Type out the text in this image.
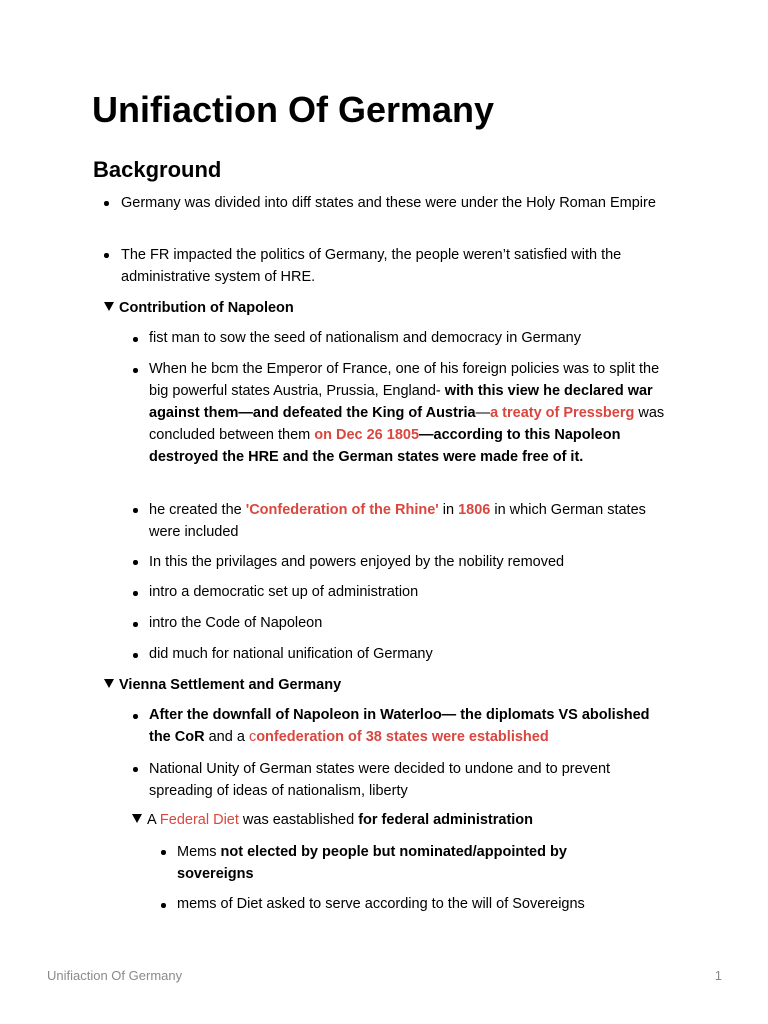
Unifiaction Of Germany
Background
Germany was divided into diff states and these were under the Holy Roman Empire
The FR impacted the politics of Germany, the people weren’t satisfied with the administrative system of HRE.
Contribution of Napoleon
fist man to sow the seed of nationalism and democracy in Germany
When he bcm the Emperor of France, one of his foreign policies was to split the big powerful states Austria, Prussia, England- with this view he declared war against them—and defeated the King of Austria—a treaty of Pressberg was concluded between them on Dec 26 1805—according to this Napoleon destroyed the HRE and the German states were made free of it.
he created the 'Confederation of the Rhine' in 1806 in which German states were included
In this the privilages and powers enjoyed by the nobility removed
intro a democratic set up of administration
intro the Code of Napoleon
did much for national unification of Germany
Vienna Settlement and Germany
After the downfall of Napoleon in Waterloo— the diplomats VS abolished the CoR and a confederation of 38 states were established
National Unity of German states were decided to undone and to prevent spreading of ideas of nationalism, liberty
A Federal Diet was eastablished for federal administration
Mems not elected by people but nominated/appointed by sovereigns
mems of Diet asked to serve according to the will of Sovereigns
Unifiaction Of Germany	1
